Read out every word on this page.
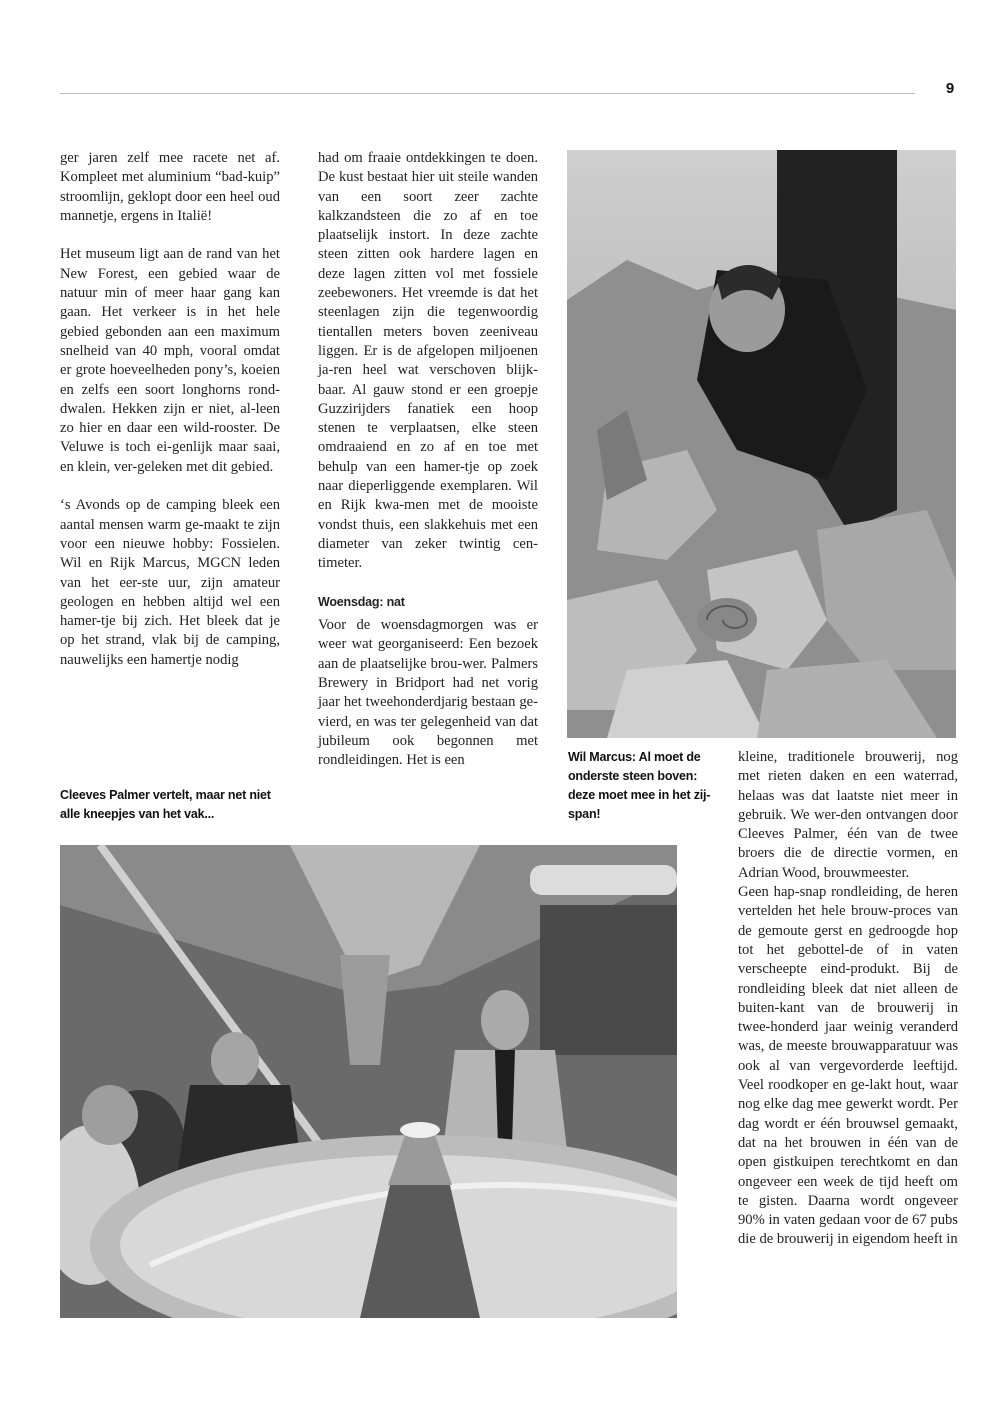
9

ger jaren zelf mee racete net af. Kompleet met aluminium “bad-kuip” stroomlijn, geklopt door een heel oud mannetje, ergens in Italië!

Het museum ligt aan de rand van het New Forest, een gebied waar de natuur min of meer haar gang kan gaan. Het verkeer is in het hele gebied gebonden aan een maximum snelheid van 40 mph, vooral omdat er grote hoeveelheden pony’s, koeien en zelfs een soort longhorns rond-dwalen. Hekken zijn er niet, al-leen zo hier en daar een wild-rooster. De Veluwe is toch ei-genlijk maar saai, en klein, ver-geleken met dit gebied.

‘s Avonds op de camping bleek een aantal mensen warm ge-maakt te zijn voor een nieuwe hobby: Fossielen. Wil en Rijk Marcus, MGCN leden van het eer-ste uur, zijn amateur geologen en hebben altijd wel een hamer-tje bij zich. Het bleek dat je op het strand, vlak bij de camping, nauwelijks een hamertje nodig

Cleeves Palmer vertelt, maar net niet alle kneepjes van het vak...

had om fraaie ontdekkingen te doen. De kust bestaat hier uit steile wanden van een soort zeer zachte kalkzandsteen die zo af en toe plaatselijk instort. In deze zachte steen zitten ook hardere lagen en deze lagen zitten vol met fossiele zeebewoners. Het vreemde is dat het steenlagen zijn die tegenwoordig tientallen meters boven zeeniveau liggen. Er is de afgelopen miljoenen ja-ren heel wat verschoven blijk-baar. Al gauw stond er een groepje Guzzirijders fanatiek een hoop stenen te verplaatsen, elke steen omdraaiend en zo af en toe met behulp van een hamer-tje op zoek naar dieperliggende exemplaren. Wil en Rijk kwa-men met de mooiste vondst thuis, een slakkehuis met een diameter van zeker twintig cen-timeter.

Woensdag: nat

Voor de woensdagmorgen was er weer wat georganiseerd: Een bezoek aan de plaatselijke brou-wer. Palmers Brewery in Bridport had net vorig jaar het tweehonderdjarig bestaan ge-vierd, en was ter gelegenheid van dat jubileum ook begonnen met rondleidingen. Het is een	Wil Marcus: Al moet de onderste steen boven: deze moet mee in het zij-span!

kleine, traditionele brouwerij, nog met rieten daken en een waterrad, helaas was dat laatste niet meer in gebruik. We wer-den ontvangen door Cleeves Palmer, één van de twee broers die de directie vormen, en Adrian Wood, brouwmeester.

Geen hap-snap rondleiding, de heren vertelden het hele brouw-proces van de gemoute gerst en gedroogde hop tot het gebottel-de of in vaten verscheepte eind-produkt. Bij de rondleiding bleek dat niet alleen de buiten-kant van de brouwerij in twee-honderd jaar weinig veranderd was, de meeste brouwapparatuur was ook al van vergevorderde leeftijd. Veel roodkoper en ge-lakt hout, waar nog elke dag mee gewerkt wordt. Per dag wordt er één brouwsel gemaakt, dat na het brouwen in één van de open gistkuipen terechtkomt en dan ongeveer een week de tijd heeft om te gisten. Daarna wordt ongeveer 90% in vaten gedaan voor de 67 pubs die de brouwerij in eigendom heeft in
